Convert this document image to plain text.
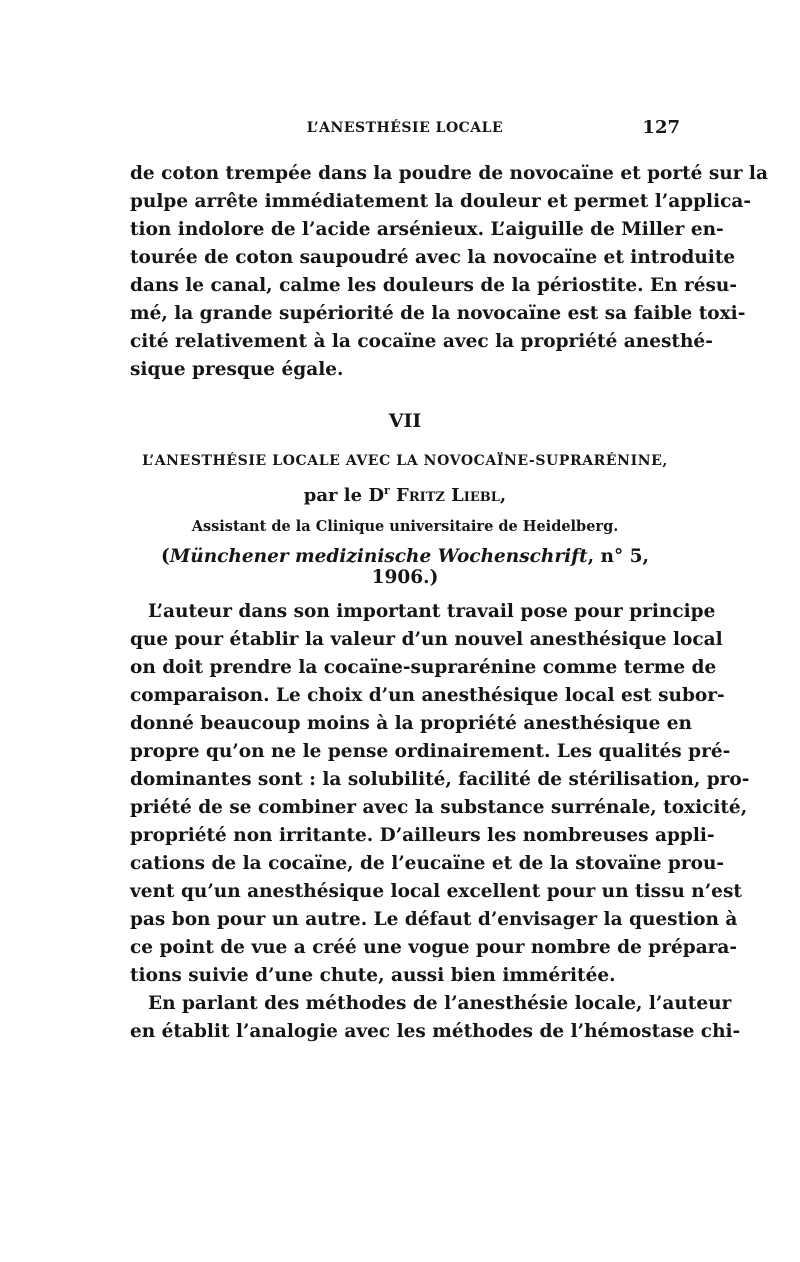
L’ANESTHÉSIE LOCALE	127
de coton trempée dans la poudre de novocaïne et porté sur la
pulpe arrête immédiatement la douleur et permet l’applica-
tion indolore de l’acide arsénieux. L’aiguille de Miller en-
tourée de coton saupoudré avec la novocaïne et introduite
dans le canal, calme les douleurs de la périostite. En résu-
mé, la grande supériorité de la novocaïne est sa faible toxi-
cité relativement à la cocaïne avec la propriété anesthé-
sique presque égale.
VII
L’ANESTHÉSIE LOCALE AVEC LA NOVOCAÏNE-SUPRARÉNINE,
par le $D^r$ Fritz Liebl,
Assistant de la Clinique universitaire de Heidelberg.
(Münchener medizinische Wochenschrift, n° 5, 1906.)
L’auteur dans son important travail pose pour principe
que pour établir la valeur d’un nouvel anesthésique local
on doit prendre la cocaïne-suprarénine comme terme de
comparaison. Le choix d’un anesthésique local est subor-
donné beaucoup moins à la propriété anesthésique en
propre qu’on ne le pense ordinairement. Les qualités pré-
dominantes sont : la solubilité, facilité de stérilisation, pro-
priété de se combiner avec la substance surrénale, toxicité,
propriété non irritante. D’ailleurs les nombreuses appli-
cations de la cocaïne, de l’eucaïne et de la stovaïne prou-
vent qu’un anesthésique local excellent pour un tissu n’est
pas bon pour un autre. Le défaut d’envisager la question à
ce point de vue a créé une vogue pour nombre de prépara-
tions suivie d’une chute, aussi bien imméritée.
En parlant des méthodes de l’anesthésie locale, l’auteur
en établit l’analogie avec les méthodes de l’hémostase chi-
